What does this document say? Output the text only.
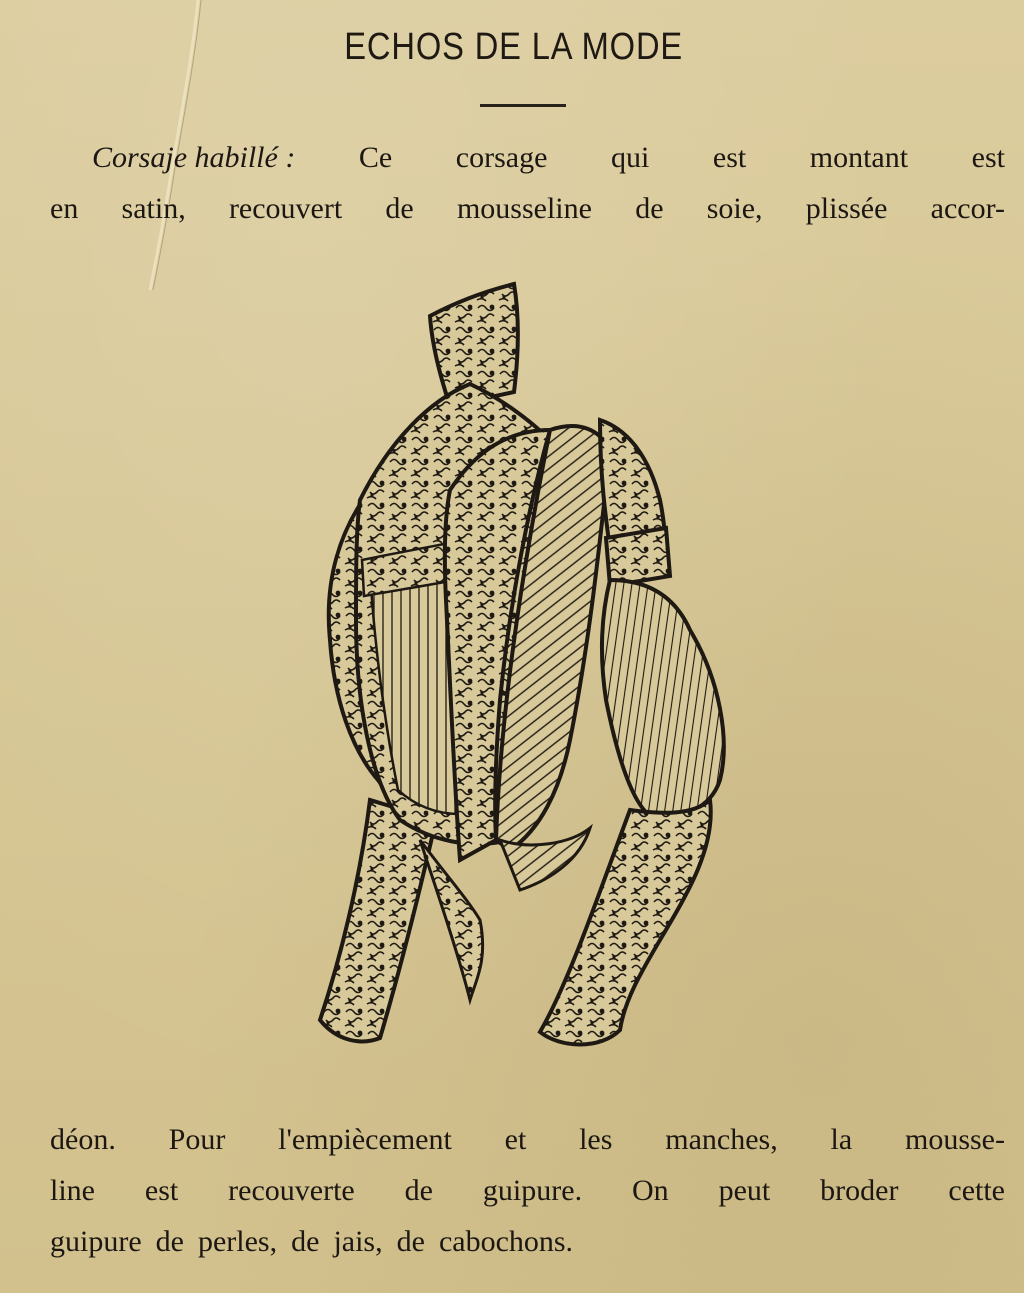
ECHOS DE LA MODE
Corsaje habillé : Ce corsage qui est montant est
en satin, recouvert de mousseline de soie, plissée accor-
déon. Pour l'empiècement et les manches, la mousse-
line est recouverte de guipure. On peut broder cette
guipure de perles, de jais, de cabochons.
